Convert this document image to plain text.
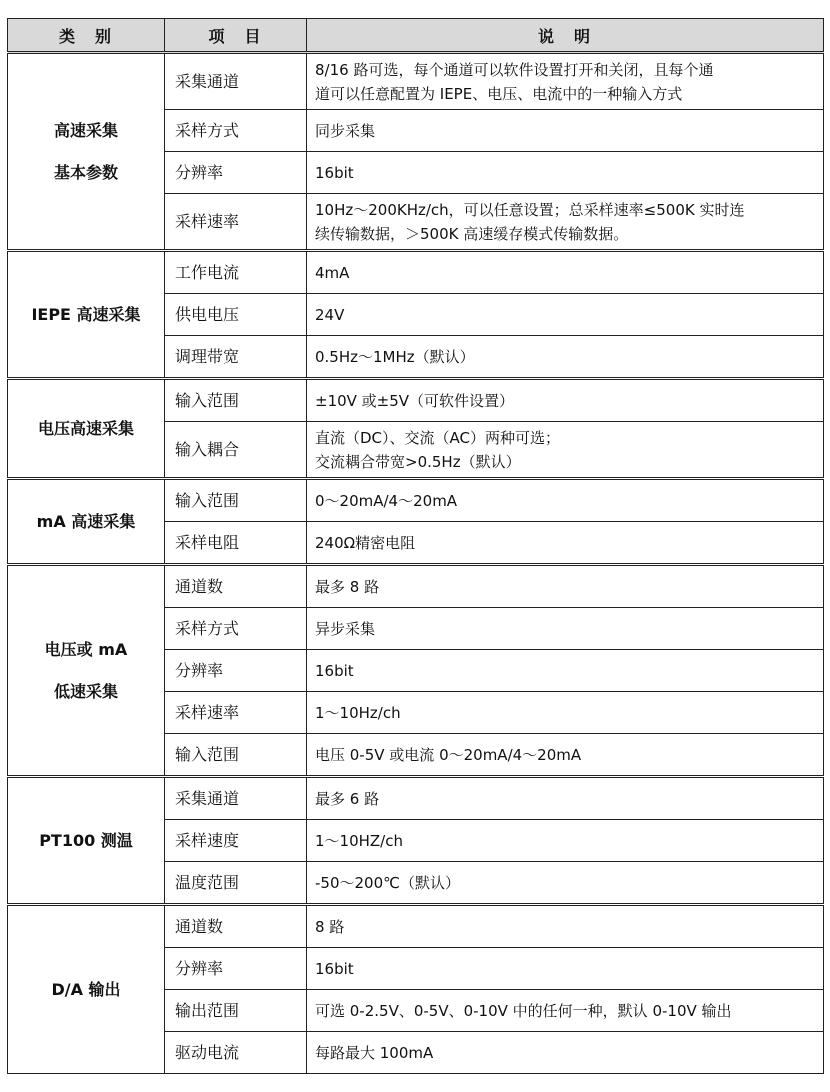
类　别	项　目	说　明

高速采集
基本参数	采集通道	8/16 路可选，每个通道可以软件设置打开和关闭，且每个通
道可以任意配置为 IEPE、电压、电流中的一种输入方式

	采样方式	同步采集

	分辨率	16bit

	采样速率	10Hz～200KHz/ch，可以任意设置；总采样速率≤500K 实时连
续传输数据，＞500K 高速缓存模式传输数据。

IEPE 高速采集	工作电流	4mA

	供电电压	24V

	调理带宽	0.5Hz～1MHz（默认）

电压高速采集	输入范围	±10V 或±5V（可软件设置）

	输入耦合	直流（DC）、交流（AC）两种可选；
交流耦合带宽>0.5Hz（默认）

mA 高速采集	输入范围	0～20mA/4～20mA

	采样电阻	240Ω精密电阻

电压或 mA
低速采集	通道数	最多 8 路

	采样方式	异步采集

	分辨率	16bit

	采样速率	1～10Hz/ch

	输入范围	电压 0-5V 或电流 0～20mA/4～20mA

PT100 测温	采集通道	最多 6 路

	采样速度	1～10HZ/ch

	温度范围	-50～200℃（默认）

D/A 输出	通道数	8 路

	分辨率	16bit

	输出范围	可选 0-2.5V、0-5V、0-10V 中的任何一种，默认 0-10V 输出

	驱动电流	每路最大 100mA
